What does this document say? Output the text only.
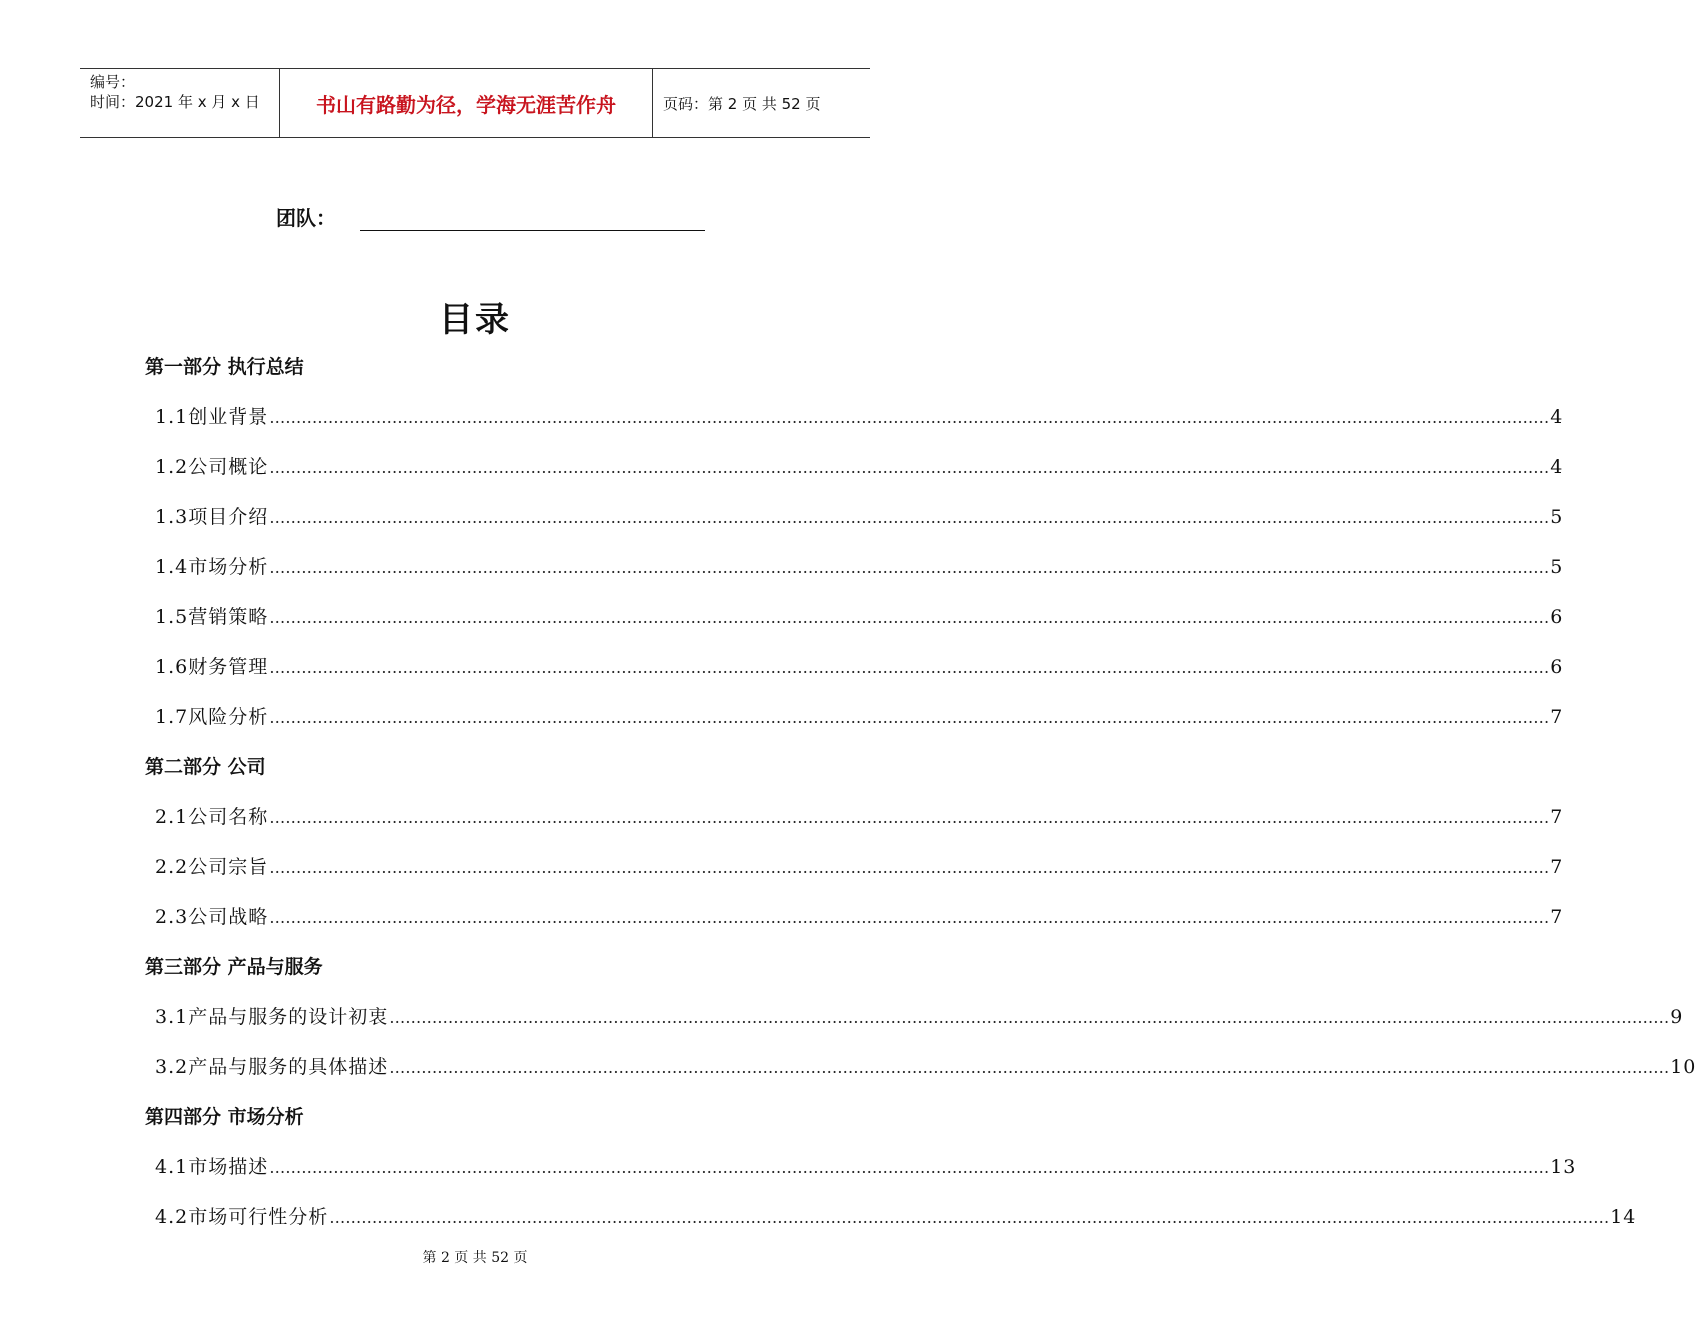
编号：
时间：2021 年 x 月 x 日	书山有路勤为径，学海无涯苦作舟	页码：第 2 页 共 52 页
团队：
目录
第一部分 执行总结
1.1创业背景 …………………………………………………………………………………………………………………………………………………………………………………………………………………… 4
1.2公司概论 …………………………………………………………………………………………………………………………………………………………………………………………………………………… 4
1.3项目介绍 …………………………………………………………………………………………………………………………………………………………………………………………………………………… 5
1.4市场分析 …………………………………………………………………………………………………………………………………………………………………………………………………………………… 5
1.5营销策略 …………………………………………………………………………………………………………………………………………………………………………………………………………………… 6
1.6财务管理 …………………………………………………………………………………………………………………………………………………………………………………………………………………… 6
1.7风险分析 …………………………………………………………………………………………………………………………………………………………………………………………………………………… 7
第二部分 公司
2.1公司名称 …………………………………………………………………………………………………………………………………………………………………………………………………………………… 7
2.2公司宗旨 …………………………………………………………………………………………………………………………………………………………………………………………………………………… 7
2.3公司战略 …………………………………………………………………………………………………………………………………………………………………………………………………………………… 7
第三部分 产品与服务
3.1产品与服务的设计初衷 …………………………………………………………………………………………………………………………………………………………………………………………………………………… 9
3.2产品与服务的具体描述 …………………………………………………………………………………………………………………………………………………………………………………………………………………… 10
第四部分 市场分析
4.1市场描述 …………………………………………………………………………………………………………………………………………………………………………………………………………………… 13
4.2市场可行性分析 …………………………………………………………………………………………………………………………………………………………………………………………………………………… 14
第 2 页 共 52 页
